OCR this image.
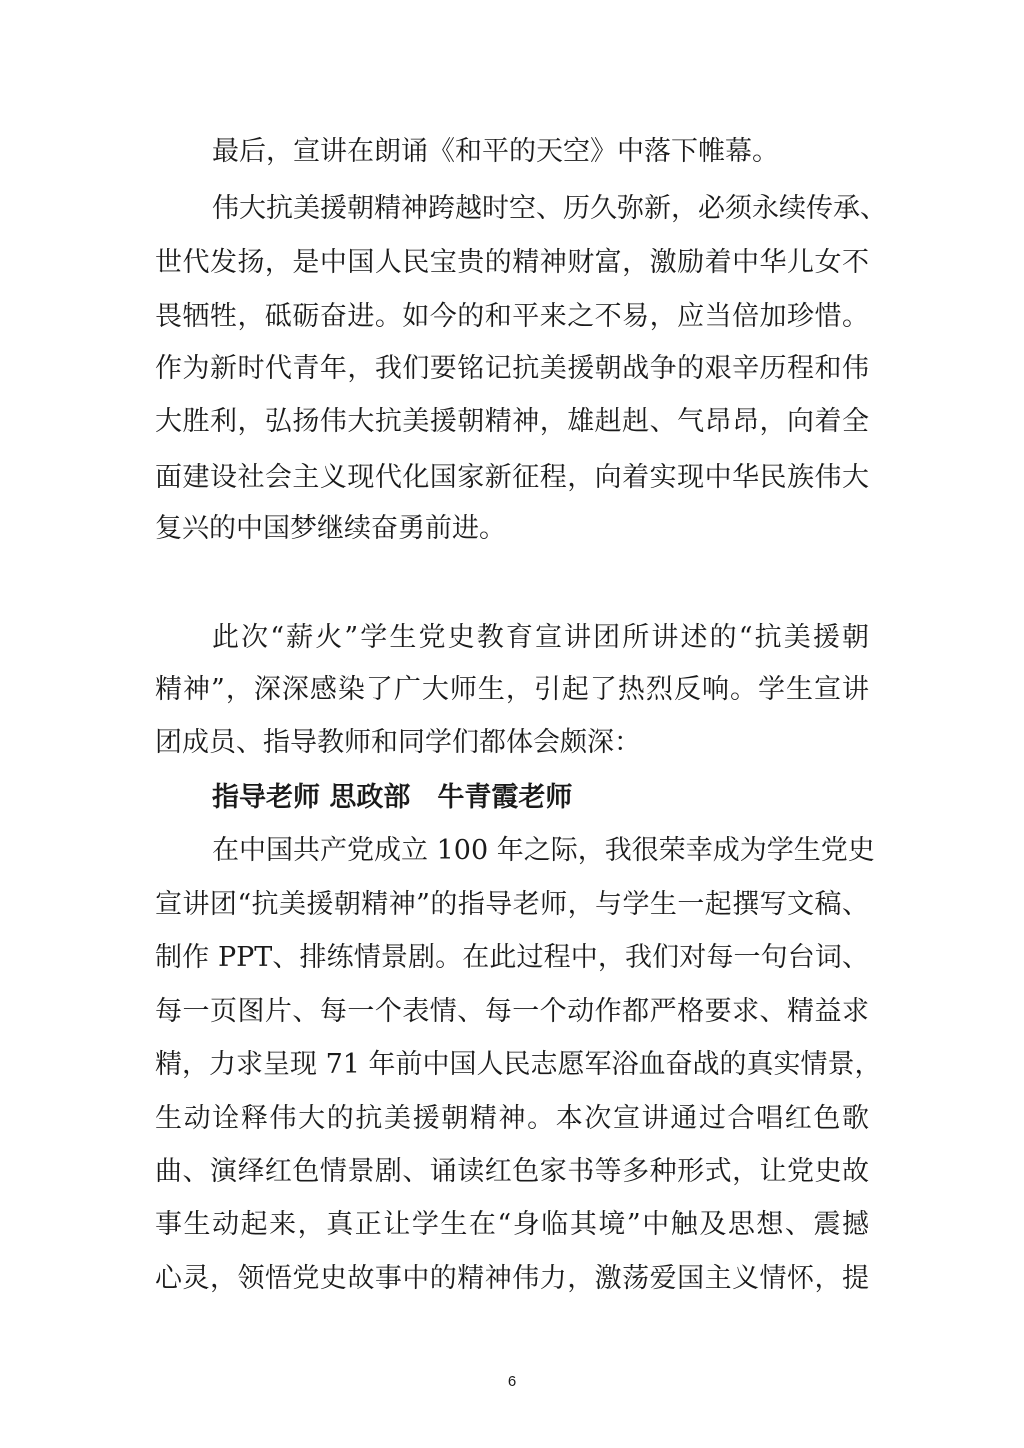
最后，宣讲在朗诵《和平的天空》中落下帷幕。
伟大抗美援朝精神跨越时空、历久弥新，必须永续传承、
世代发扬，是中国人民宝贵的精神财富，激励着中华儿女不
畏牺牲，砥砺奋进。如今的和平来之不易，应当倍加珍惜。
作为新时代青年，我们要铭记抗美援朝战争的艰辛历程和伟
大胜利，弘扬伟大抗美援朝精神，雄赳赳、气昂昂，向着全
面建设社会主义现代化国家新征程，向着实现中华民族伟大
复兴的中国梦继续奋勇前进。
此次“薪火”学生党史教育宣讲团所讲述的“抗美援朝
精神”，深深感染了广大师生，引起了热烈反响。学生宣讲
团成员、指导教师和同学们都体会颇深：
指导老师 思政部　牛青霞老师
在中国共产党成立 100 年之际，我很荣幸成为学生党史
宣讲团“抗美援朝精神”的指导老师，与学生一起撰写文稿、
制作 PPT、排练情景剧。在此过程中，我们对每一句台词、
每一页图片、每一个表情、每一个动作都严格要求、精益求
精，力求呈现 71 年前中国人民志愿军浴血奋战的真实情景，
生动诠释伟大的抗美援朝精神。本次宣讲通过合唱红色歌
曲、演绎红色情景剧、诵读红色家书等多种形式，让党史故
事生动起来，真正让学生在“身临其境”中触及思想、震撼
心灵，领悟党史故事中的精神伟力，激荡爱国主义情怀，提
6
